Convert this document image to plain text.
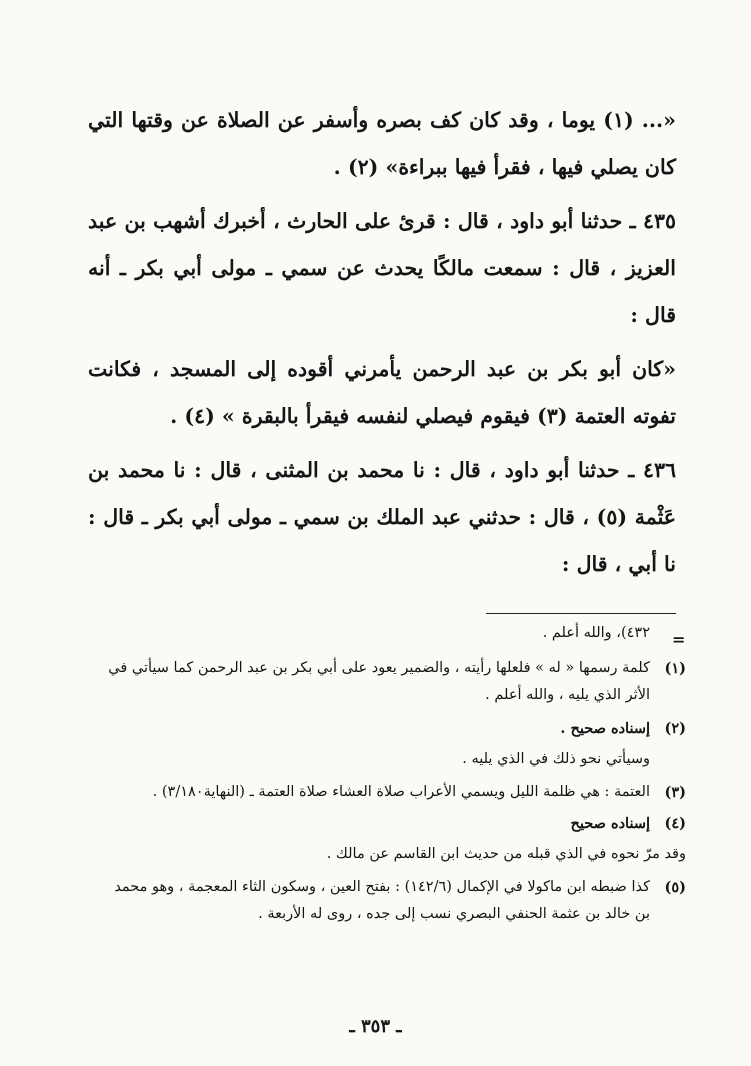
«... (١) يوما ، وقد كان كف بصره وأسفر عن الصلاة عن وقتها التي كان يصلي فيها ، فقرأ فيها ببراءة» (٢) .

٤٣٥ ـ حدثنا أبو داود ، قال : قرئ على الحارث ، أخبرك أشهب بن عبد العزيز ، قال : سمعت مالكًا يحدث عن سمي ـ مولى أبي بكر ـ أنه قال :

«كان أبو بكر بن عبد الرحمن يأمرني أقوده إلى المسجد ، فكانت تفوته العتمة (٣) فيقوم فيصلي لنفسه فيقرأ بالبقرة » (٤) .

٤٣٦ ـ حدثنا أبو داود ، قال : نا محمد بن المثنى ، قال : نا محمد بن عَثْمة (٥) ، قال : حدثني عبد الملك بن سمي ـ مولى أبي بكر ـ قال : نا أبي ، قال :

=

٤٣٢)، والله أعلم .

(١)
كلمة رسمها « له » فلعلها رأيته ، والضمير يعود على أبي بكر بن عبد الرحمن كما سيأتي في الأثر الذي يليه ، والله أعلم .
(٢)
إسناده صحيح .

وسيأتي نحو ذلك في الذي يليه .

(٣)
العتمة : هي ظلمة الليل ويسمي الأعراب صلاة العشاء صلاة العتمة ـ (النهاية٣/١٨٠) .
(٤)
إسناده صحيح

وقد مرّ نحوه في الذي قبله من حديث ابن القاسم عن مالك .

(٥)
كذا ضبطه ابن ماكولا في الإكمال (١٤٢/٦) : بفتح العين ، وسكون الثاء المعجمة ، وهو محمد بن خالد بن عثمة الحنفي البصري نسب إلى جده ، روى له الأربعة .
ـ ٣٥٣ ـ
